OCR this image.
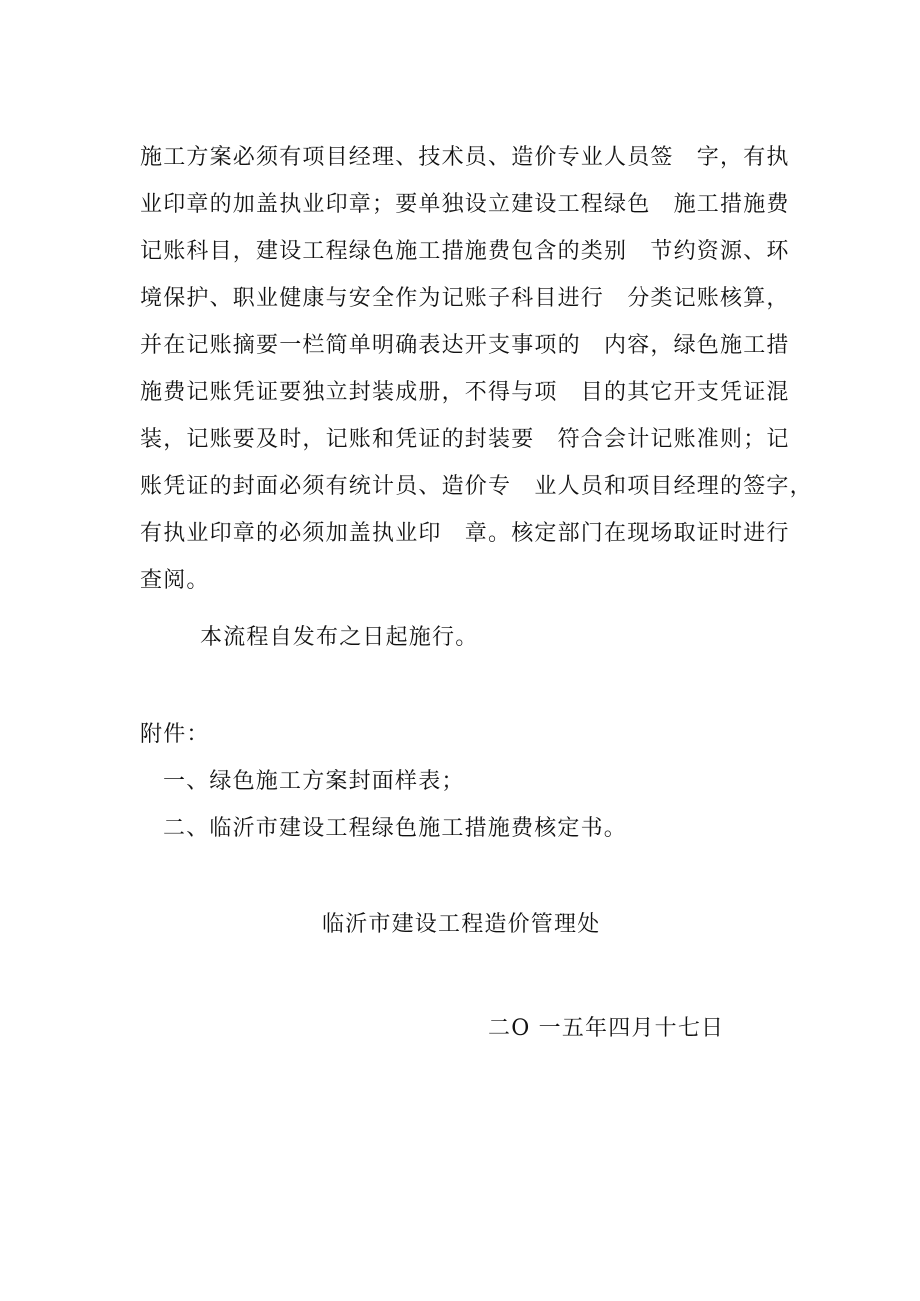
施工方案必须有项目经理、技术员、造价专业人员签　字，有执
业印章的加盖执业印章；要单独设立建设工程绿色　施工措施费
记账科目，建设工程绿色施工措施费包含的类别　节约资源、环
境保护、职业健康与安全作为记账子科目进行　分类记账核算，
并在记账摘要一栏简单明确表达开支事项的　内容，绿色施工措
施费记账凭证要独立封装成册，不得与项　目的其它开支凭证混
装，记账要及时，记账和凭证的封装要　符合会计记账准则；记
账凭证的封面必须有统计员、造价专　业人员和项目经理的签字，
有执业印章的必须加盖执业印　章。核定部门在现场取证时进行
查阅。
本流程自发布之日起施行。
附件：
一、绿色施工方案封面样表；
二、临沂市建设工程绿色施工措施费核定书。
临沂市建设工程造价管理处
二O 一五年四月十七日
